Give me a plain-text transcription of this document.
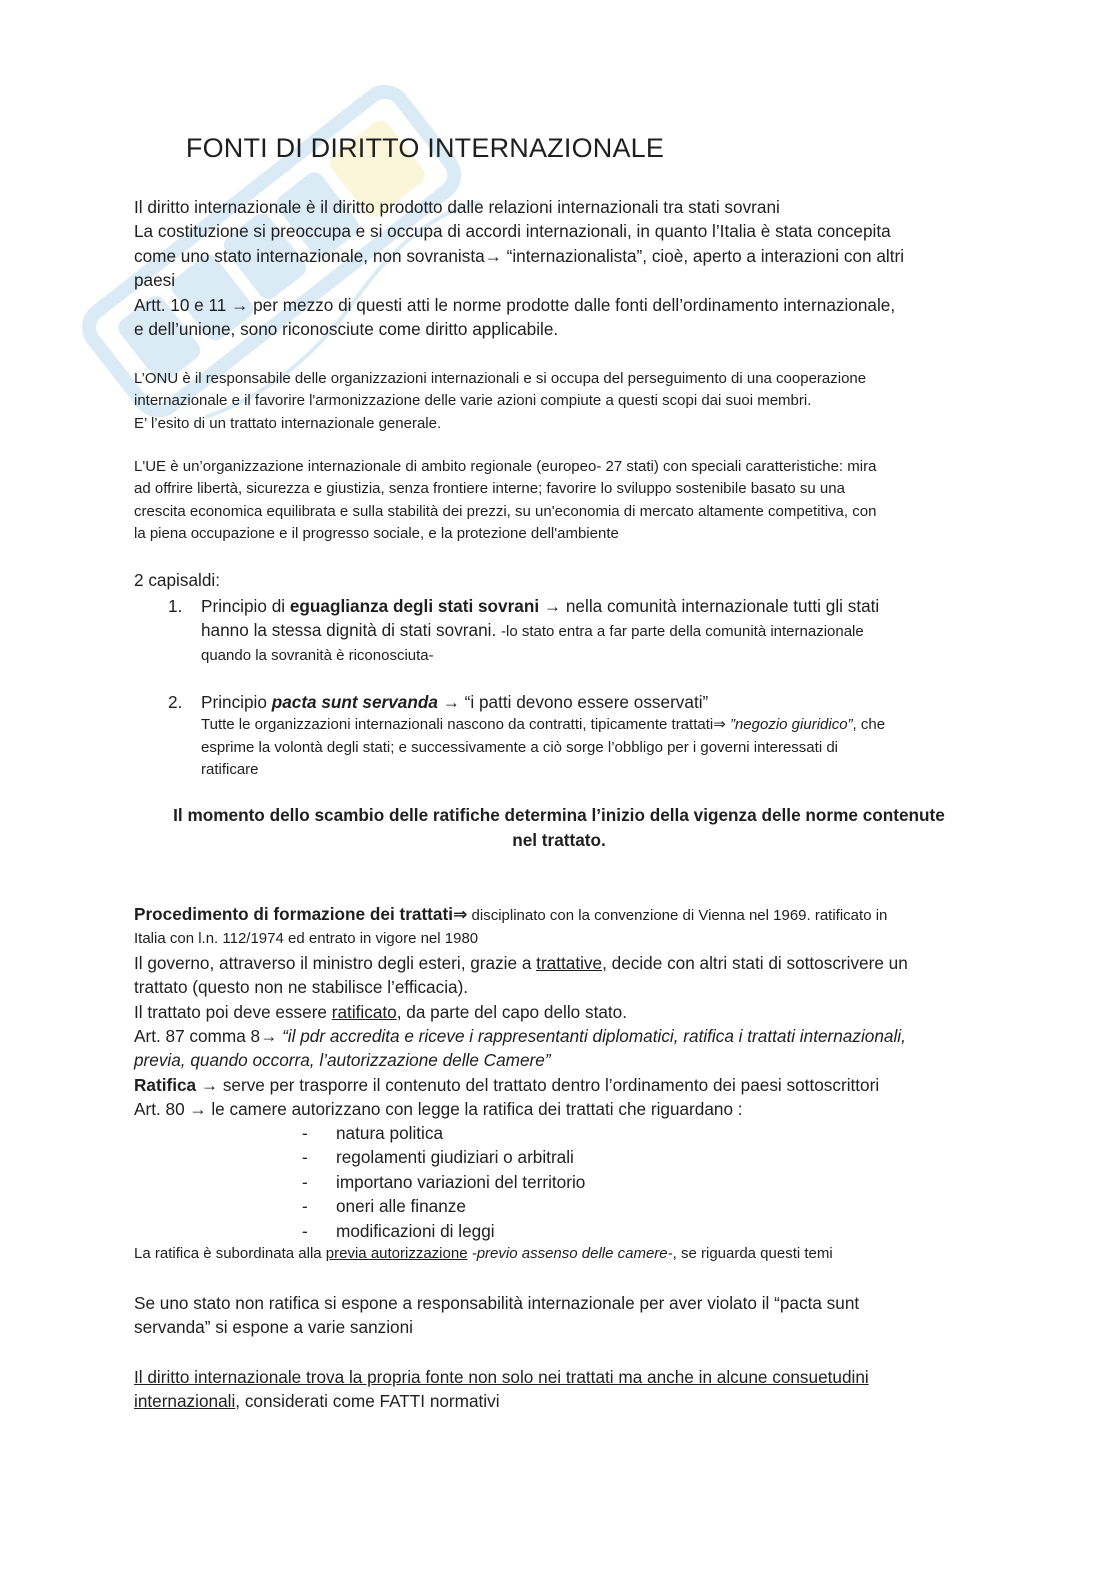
FONTI DI DIRITTO INTERNAZIONALE
Il diritto internazionale è il diritto prodotto dalle relazioni internazionali tra stati sovrani
La costituzione si preoccupa e si occupa di accordi internazionali, in quanto l’Italia è stata concepita
come uno stato internazionale, non sovranista→ “internazionalista”, cioè, aperto a interazioni con altri
paesi
Artt. 10 e 11 → per mezzo di questi atti le norme prodotte dalle fonti dell’ordinamento internazionale,
e dell’unione, sono riconosciute come diritto applicabile.
L’ONU è il responsabile delle organizzazioni internazionali e si occupa del perseguimento di una cooperazione
internazionale e il favorire l'armonizzazione delle varie azioni compiute a questi scopi dai suoi membri.
E’ l’esito di un trattato internazionale generale.
L'UE è un’organizzazione internazionale di ambito regionale (europeo- 27 stati) con speciali caratteristiche: mira
ad offrire libertà, sicurezza e giustizia, senza frontiere interne; favorire lo sviluppo sostenibile basato su una
crescita economica equilibrata e sulla stabilità dei prezzi, su un'economia di mercato altamente competitiva, con
la piena occupazione e il progresso sociale, e la protezione dell'ambiente
2 capisaldi:
1. Principio di eguaglianza degli stati sovrani → nella comunità internazionale tutti gli stati
hanno la stessa dignità di stati sovrani. -lo stato entra a far parte della comunità internazionale
quando la sovranità è riconosciuta-
2. Principio pacta sunt servanda → “i patti devono essere osservati”
Tutte le organizzazioni internazionali nascono da contratti, tipicamente trattati⇒ ”negozio giuridico”, che
esprime la volontà degli stati; e successivamente a ciò sorge l’obbligo per i governi interessati di
ratificare
Il momento dello scambio delle ratifiche determina l’inizio della vigenza delle norme contenute
nel trattato.
Procedimento di formazione dei trattati⇒ disciplinato con la convenzione di Vienna nel 1969. ratificato in
Italia con l.n. 112/1974 ed entrato in vigore nel 1980
Il governo, attraverso il ministro degli esteri, grazie a trattative, decide con altri stati di sottoscrivere un
trattato (questo non ne stabilisce l’efficacia).
Il trattato poi deve essere ratificato, da parte del capo dello stato.
Art. 87 comma 8→ “il pdr accredita e riceve i rappresentanti diplomatici, ratifica i trattati internazionali,
previa, quando occorra, l’autorizzazione delle Camere”
Ratifica → serve per trasporre il contenuto del trattato dentro l’ordinamento dei paesi sottoscrittori
Art. 80 → le camere autorizzano con legge la ratifica dei trattati che riguardano :
- natura politica
- regolamenti giudiziari o arbitrali
- importano variazioni del territorio
- oneri alle finanze
- modificazioni di leggi
La ratifica è subordinata alla previa autorizzazione -previo assenso delle camere-, se riguarda questi temi
Se uno stato non ratifica si espone a responsabilità internazionale per aver violato il “pacta sunt
servanda” si espone a varie sanzioni
Il diritto internazionale trova la propria fonte non solo nei trattati ma anche in alcune consuetudini
internazionali, considerati come FATTI normativi
